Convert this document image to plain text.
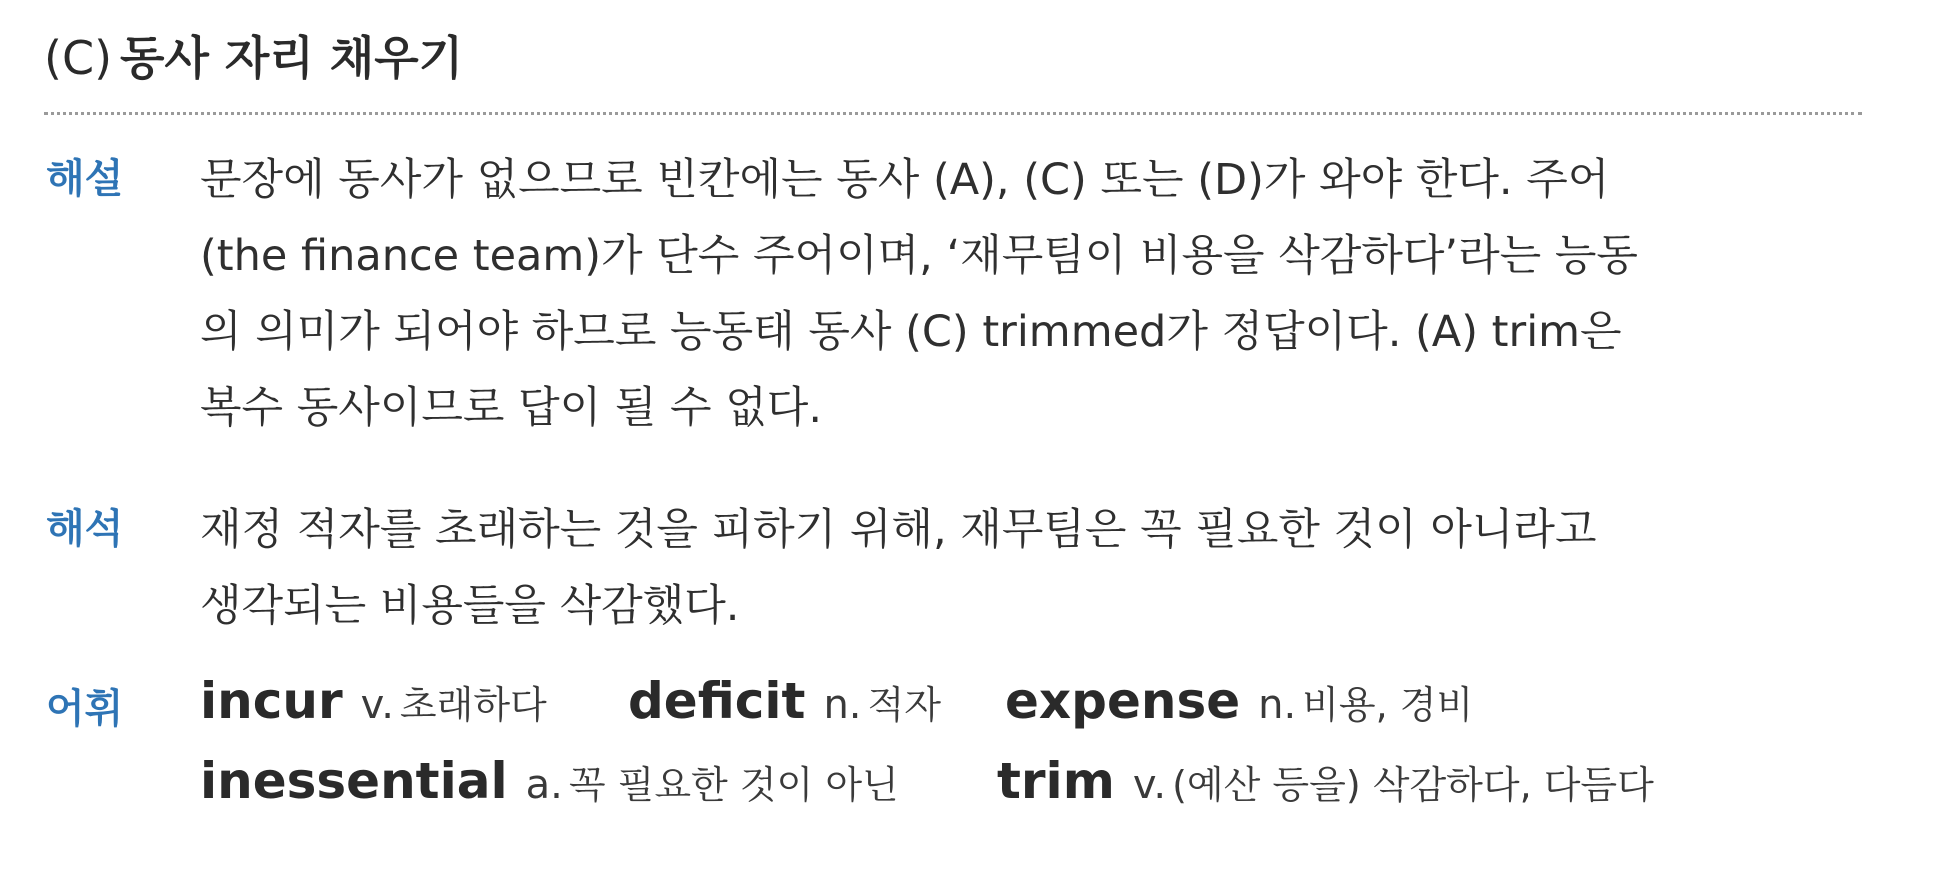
(C) 동사 자리 채우기
해설 문장에 동사가 없으므로 빈칸에는 동사 (A), (C) 또는 (D)가 와야 한다. 주어
(the finance team)가 단수 주어이며, ‘재무팀이 비용을 삭감하다’라는 능동
의 의미가 되어야 하므로 능동태 동사 (C) trimmed가 정답이다. (A) trim은
복수 동사이므로 답이 될 수 없다.
해석 재정 적자를 초래하는 것을 피하기 위해, 재무팀은 꼭 필요한 것이 아니라고
생각되는 비용들을 삭감했다.
어휘 incur v. 초래하다 deficit n. 적자 expense n. 비용, 경비
inessential a. 꼭 필요한 것이 아닌 trim v. (예산 등을) 삭감하다, 다듬다
